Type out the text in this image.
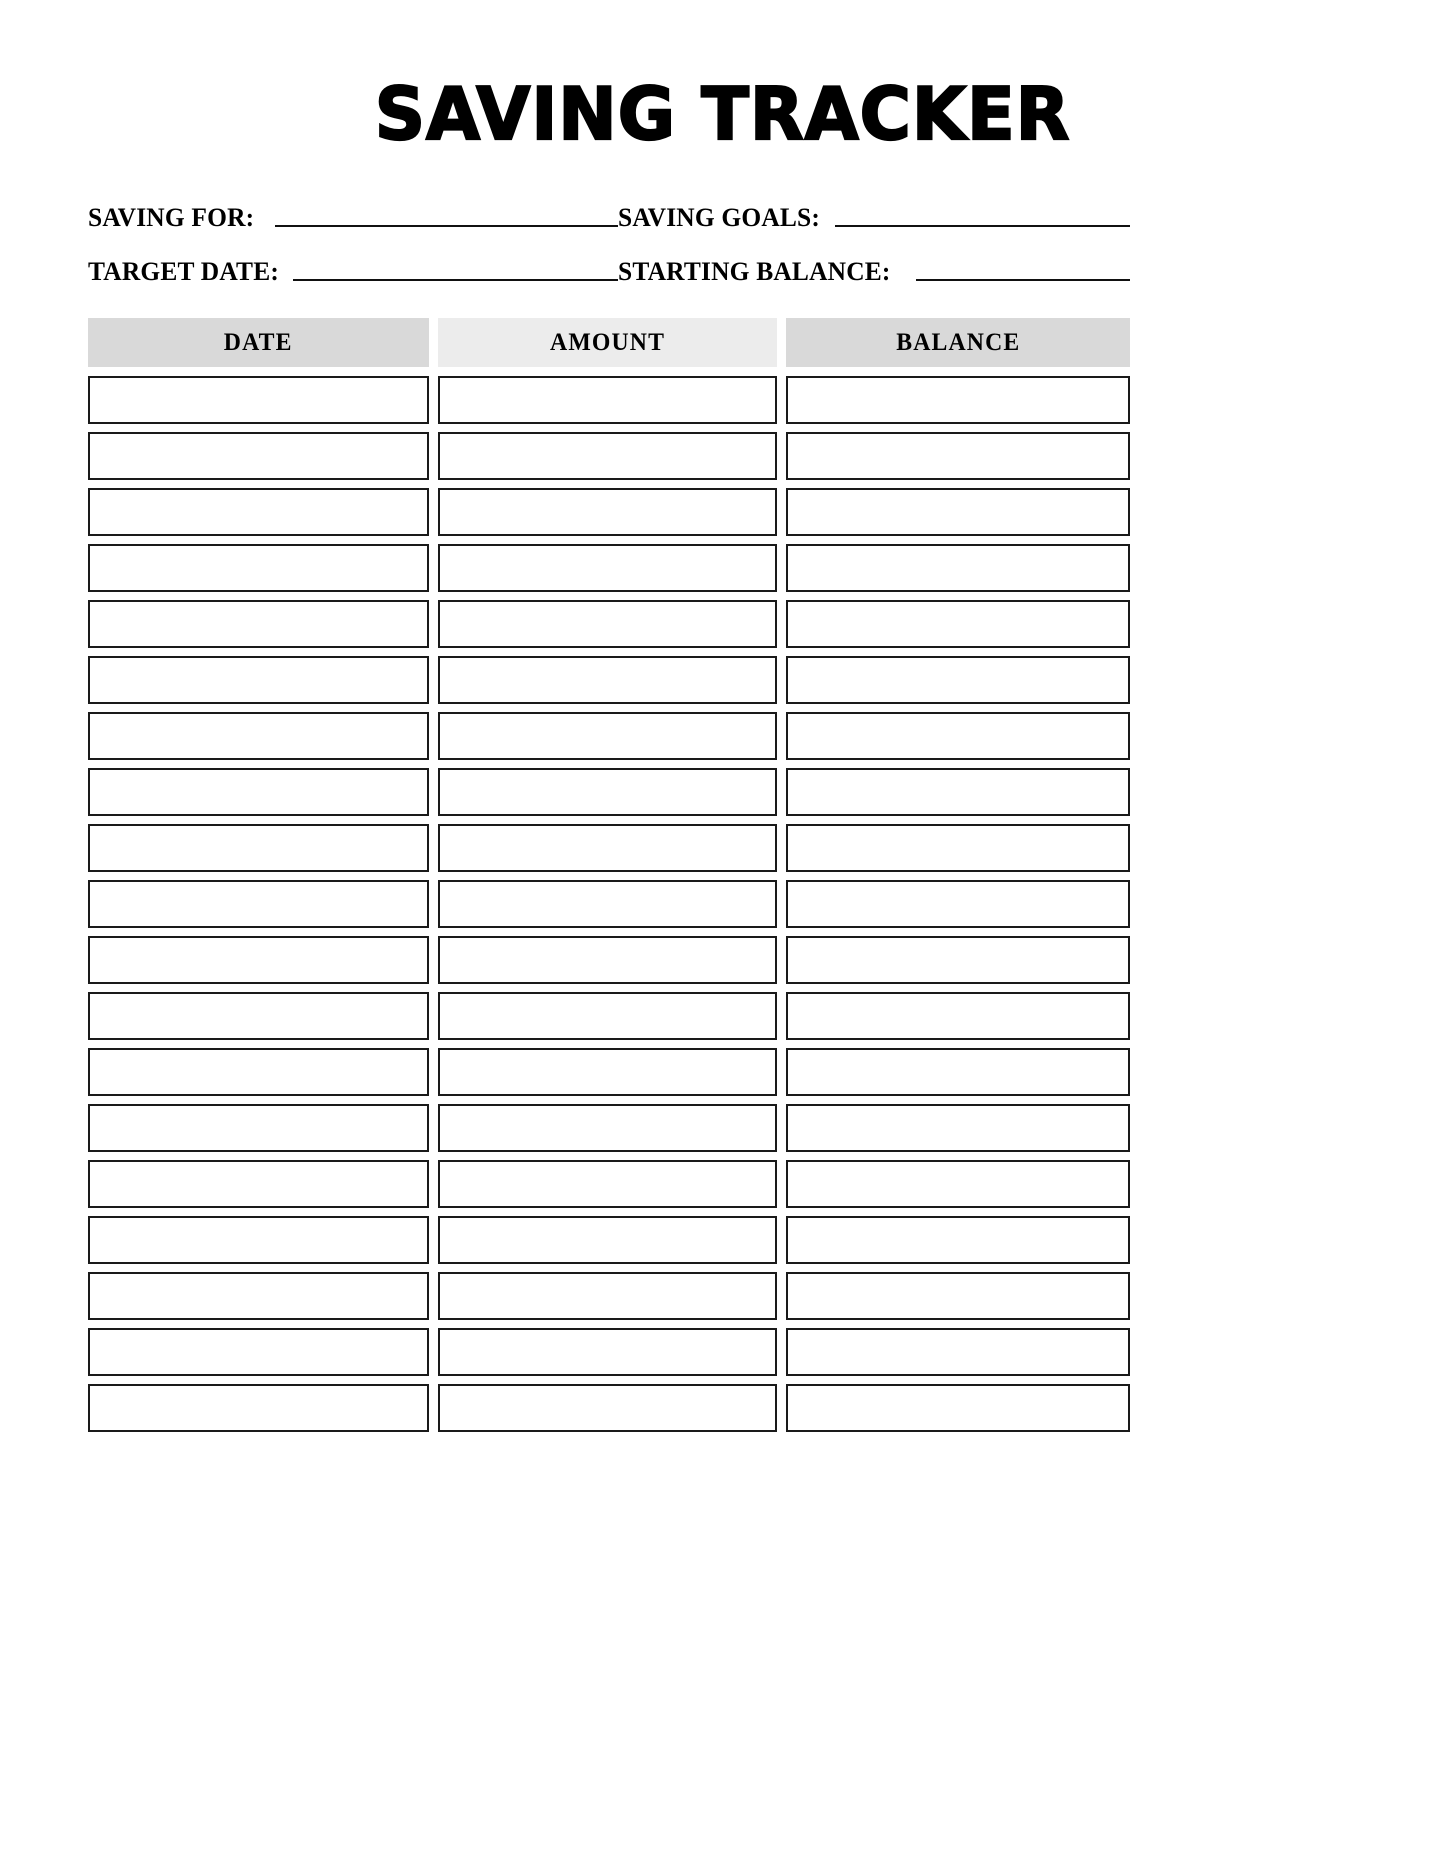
SAVING TRACKER
SAVING FOR:	SAVING GOALS:
TARGET DATE:	STARTING BALANCE:
DATE	AMOUNT	BALANCE
